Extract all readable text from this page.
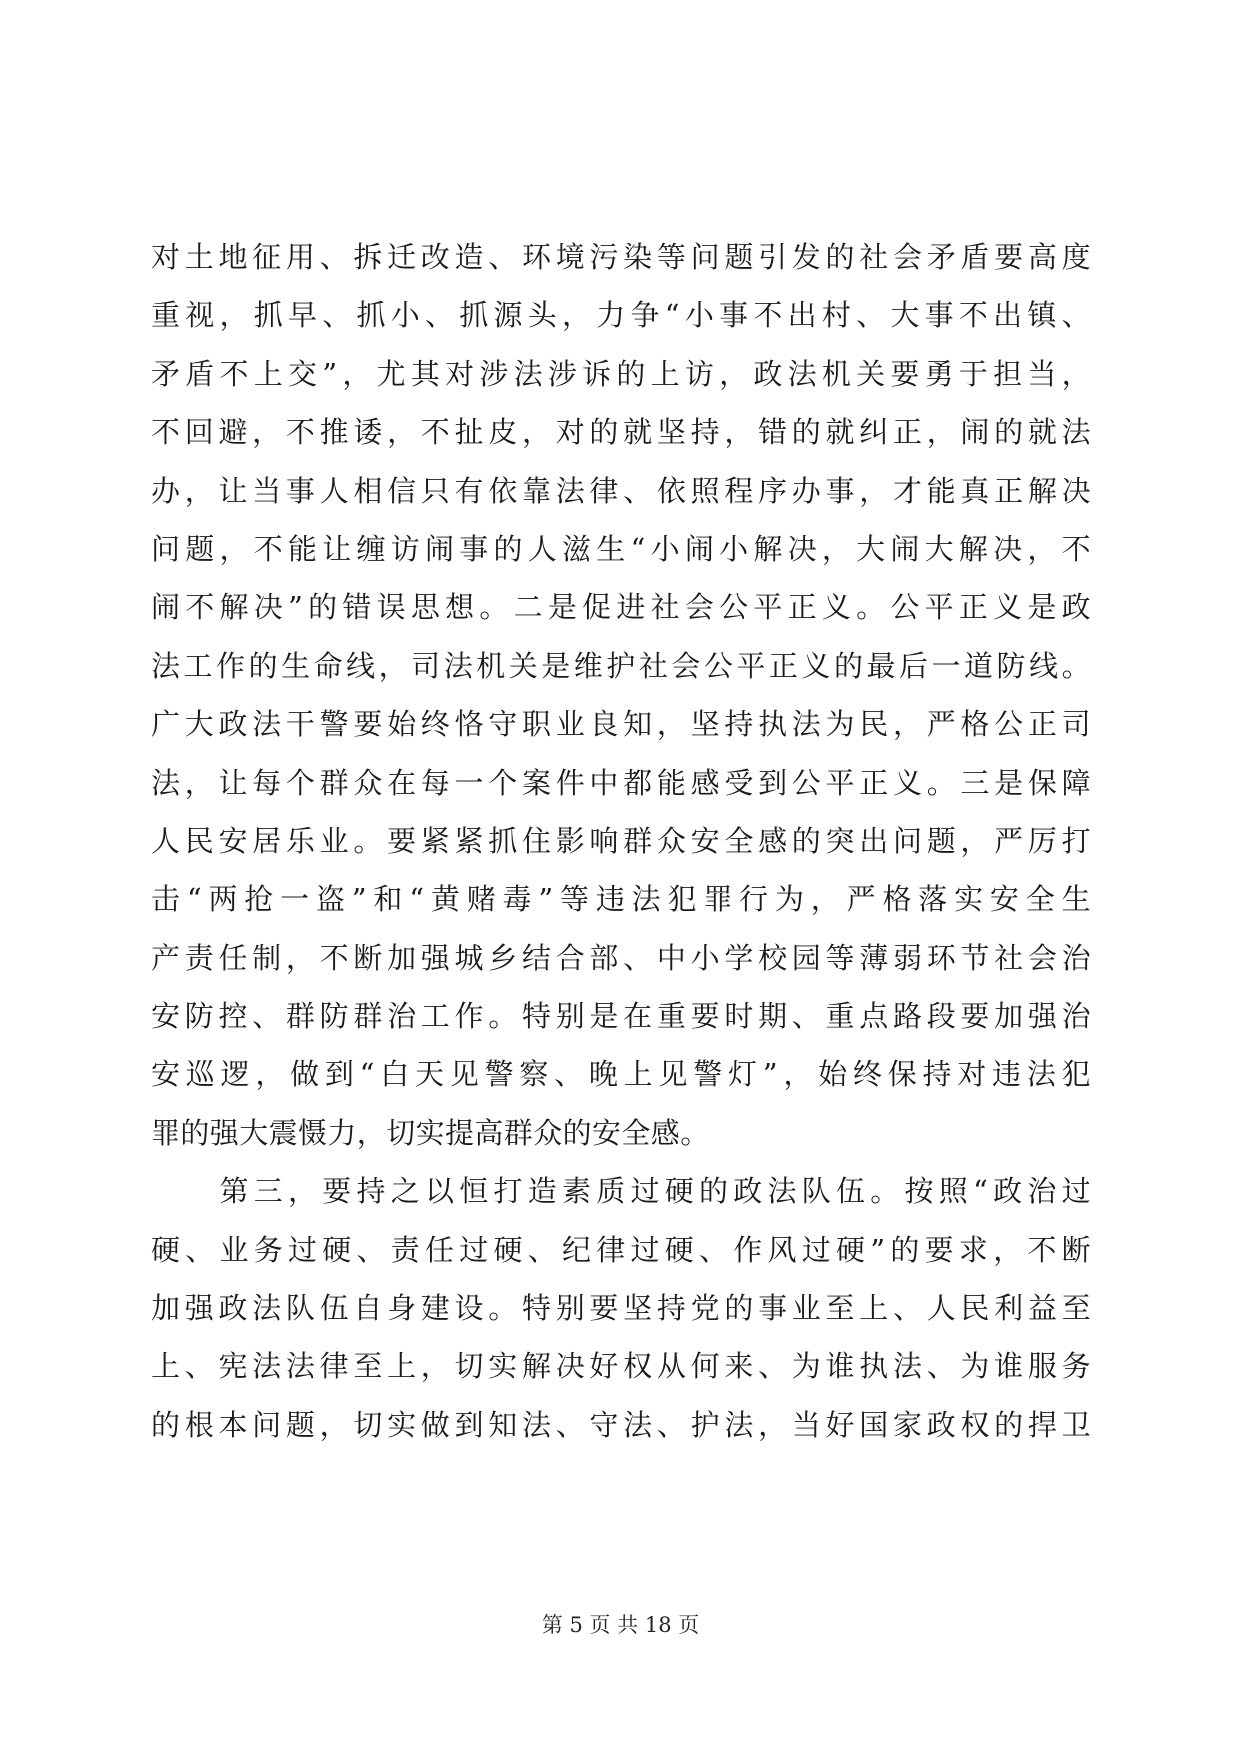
对土地征用、拆迁改造、环境污染等问题引发的社会矛盾要高度
重视，抓早、抓小、抓源头，力争“小事不出村、大事不出镇、
矛盾不上交”，尤其对涉法涉诉的上访，政法机关要勇于担当，
不回避，不推诿，不扯皮，对的就坚持，错的就纠正，闹的就法
办，让当事人相信只有依靠法律、依照程序办事，才能真正解决
问题，不能让缠访闹事的人滋生“小闹小解决，大闹大解决，不
闹不解决”的错误思想。二是促进社会公平正义。公平正义是政
法工作的生命线，司法机关是维护社会公平正义的最后一道防线。
广大政法干警要始终恪守职业良知，坚持执法为民，严格公正司
法，让每个群众在每一个案件中都能感受到公平正义。三是保障
人民安居乐业。要紧紧抓住影响群众安全感的突出问题，严厉打
击“两抢一盗”和“黄赌毒”等违法犯罪行为，严格落实安全生
产责任制，不断加强城乡结合部、中小学校园等薄弱环节社会治
安防控、群防群治工作。特别是在重要时期、重点路段要加强治
安巡逻，做到“白天见警察、晚上见警灯”，始终保持对违法犯
罪的强大震慑力，切实提高群众的安全感。
　　第三，要持之以恒打造素质过硬的政法队伍。按照“政治过
硬、业务过硬、责任过硬、纪律过硬、作风过硬”的要求，不断
加强政法队伍自身建设。特别要坚持党的事业至上、人民利益至
上、宪法法律至上，切实解决好权从何来、为谁执法、为谁服务
的根本问题，切实做到知法、守法、护法，当好国家政权的捍卫
第 5 页 共 18 页
